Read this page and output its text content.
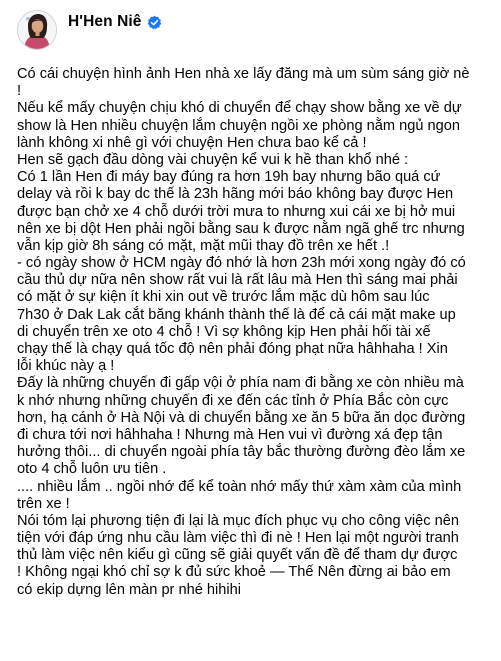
H'Hen Niê
Có cái chuyện hình ảnh Hen nhà xe lấy đăng mà um sùm sáng giờ nè
!
Nếu kể mấy chuyện chịu khó di chuyển để chạy show bằng xe về dự
show là Hen nhiều chuyện lắm chuyện ngồi xe phòng nằm ngủ ngon
lành không xi nhê gì với chuyện Hen chưa bao kể cả !
Hen sẽ gạch đầu dòng vài chuyện kể vui k hề than khổ nhé :
Có 1 lần Hen đi máy bay đúng ra hơn 19h bay nhưng bão quá cứ
delay và rồi k bay dc thế là 23h hãng mới báo không bay được Hen
được bạn chở xe 4 chỗ dưới trời mưa to nhưng xui cái xe bị hở mui
nên xe bị dột Hen phải ngồi bằng sau k được nằm ngã ghế trc nhưng
vẫn kịp giờ 8h sáng có mặt, mặt mũi thay đồ trên xe hết .!
- có ngày show ở HCM ngày đó nhớ là hơn 23h mới xong ngày đó có
cầu thủ dự nữa nên show rất vui là rất lâu mà Hen thì sáng mai phải
có mặt ở sự kiện ít khi xin out về trước lắm mặc dù hôm sau lúc
7h30 ở Dak Lak cắt băng khánh thành thế là để cả cái mặt make up
di chuyển trên xe oto 4 chỗ ! Vì sợ không kịp Hen phải hối tài xế
chạy thế là chạy quá tốc độ nên phải đóng phạt nữa hâhhaha ! Xin
lỗi khúc này ạ !
Đấy là những chuyến đi gấp vội ở phía nam đi bằng xe còn nhiều mà
k nhớ nhưng những chuyến đi xe đến các tỉnh ở Phía Bắc còn cực
hơn, hạ cánh ở Hà Nội và di chuyển bằng xe ăn 5 bữa ăn dọc đường
đi chưa tới nơi hâhhaha ! Nhưng mà Hen vui vì đường xá đẹp tận
hưởng thôi... di chuyển ngoài phía tây bắc thường đường đèo lắm xe
oto 4 chỗ luôn ưu tiên .
.... nhiều lắm .. ngồi nhớ để kể toàn nhớ mấy thứ xàm xàm của mình
trên xe !
Nói tóm lại phương tiện đi lại là mục đích phục vụ cho công việc nên
tiện với đáp ứng nhu cầu làm việc thì đi nè ! Hen lại một người tranh
thủ làm việc nên kiểu gì cũng sẽ giải quyết vấn đề để tham dự được
! Không ngại khó chỉ sợ k đủ sức khoẻ — Thế Nên đừng ai bảo em
có ekip dựng lên màn pr nhé hihihi
